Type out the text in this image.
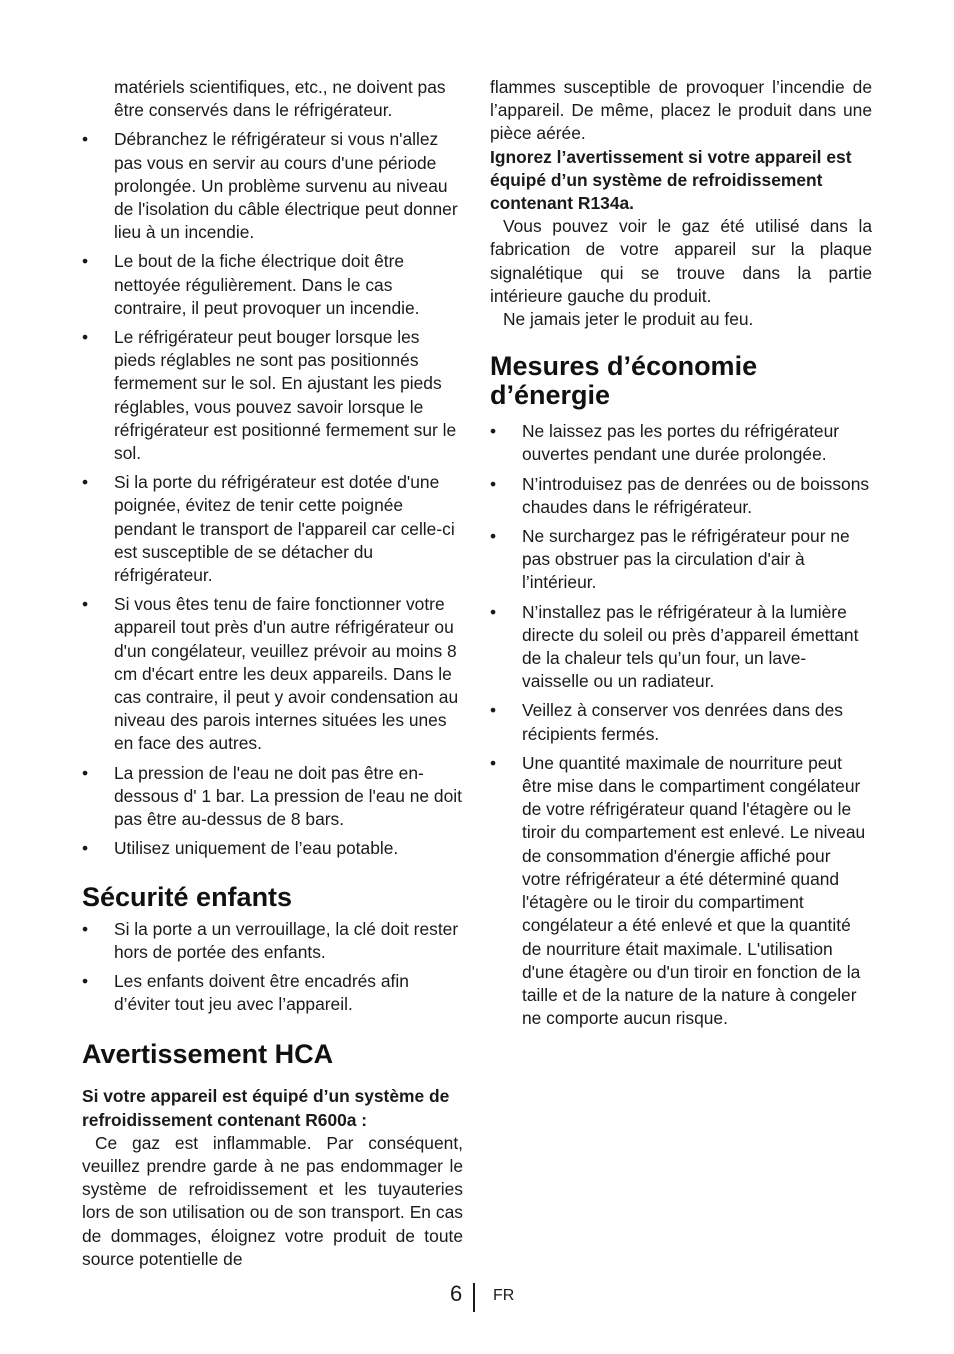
matériels scientifiques, etc., ne doivent pas être conservés dans le réfrigérateur.

• Débranchez le réfrigérateur si vous n'allez pas vous en servir au cours d'une période prolongée. Un problème survenu au niveau de l'isolation du câble électrique peut donner lieu à un incendie.
• Le bout de la fiche électrique doit être nettoyée régulièrement. Dans le cas contraire, il peut provoquer un incendie.
• Le réfrigérateur peut bouger lorsque les pieds réglables ne sont pas positionnés fermement sur le sol. En ajustant les pieds réglables, vous pouvez savoir lorsque le réfrigérateur est positionné fermement sur le sol.
• Si la porte du réfrigérateur est dotée d'une poignée, évitez de tenir cette poignée pendant le transport de l'appareil car celle-ci est susceptible de se détacher du réfrigérateur.
• Si vous êtes tenu de faire fonctionner votre appareil tout près d'un autre réfrigérateur ou d'un congélateur, veuillez prévoir au moins 8 cm d'écart entre les deux appareils. Dans le cas contraire, il peut y avoir condensation au niveau des parois internes situées les unes en face des autres.
• La pression de l'eau ne doit pas être en-dessous d' 1 bar. La pression de l'eau ne doit pas être au-dessus de 8 bars.
• Utilisez uniquement de l’eau potable.
Sécurité enfants
• Si la porte a un verrouillage, la clé doit rester hors de portée des enfants.
• Les enfants doivent être encadrés afin d’éviter tout jeu avec l’appareil.
Avertissement HCA

Si votre appareil est équipé d’un système de refroidissement contenant R600a :

Ce gaz est inflammable. Par conséquent, veuillez prendre garde à ne pas endommager le système de refroidissement et les tuyauteries lors de son utilisation ou de son transport. En cas de dommages, éloignez votre produit de toute source potentielle de

flammes susceptible de provoquer l’incendie de l’appareil. De même, placez le produit dans une pièce aérée.

Ignorez l’avertissement si votre appareil est équipé d’un système de refroidissement contenant R134a.

Vous pouvez voir le gaz été utilisé dans la fabrication de votre appareil sur la plaque signalétique qui se trouve dans la partie intérieure gauche du produit.

Ne jamais jeter le produit au feu.

Mesures d’économie d’énergie
• Ne laissez pas les portes du réfrigérateur ouvertes pendant une durée prolongée.
• N’introduisez pas de denrées ou de boissons chaudes dans le réfrigérateur.
• Ne surchargez pas le réfrigérateur pour ne pas obstruer pas la circulation d'air à l’intérieur.
• N’installez pas le réfrigérateur à la lumière directe du soleil ou près d’appareil émettant de la chaleur tels qu’un four, un lave-vaisselle ou un radiateur.
• Veillez à conserver vos denrées dans des récipients fermés.
• Une quantité maximale de nourriture peut être mise dans le compartiment congélateur de votre réfrigérateur quand l'étagère ou le tiroir du compartement est enlevé. Le niveau de consommation d'énergie affiché pour votre réfrigérateur a été déterminé quand l'étagère ou le tiroir du compartiment congélateur a été enlevé et que la quantité de nourriture était maximale. L'utilisation d'une étagère ou d'un tiroir en fonction de la taille et de la nature de la nature à congeler ne comporte aucun risque.
6 FR
